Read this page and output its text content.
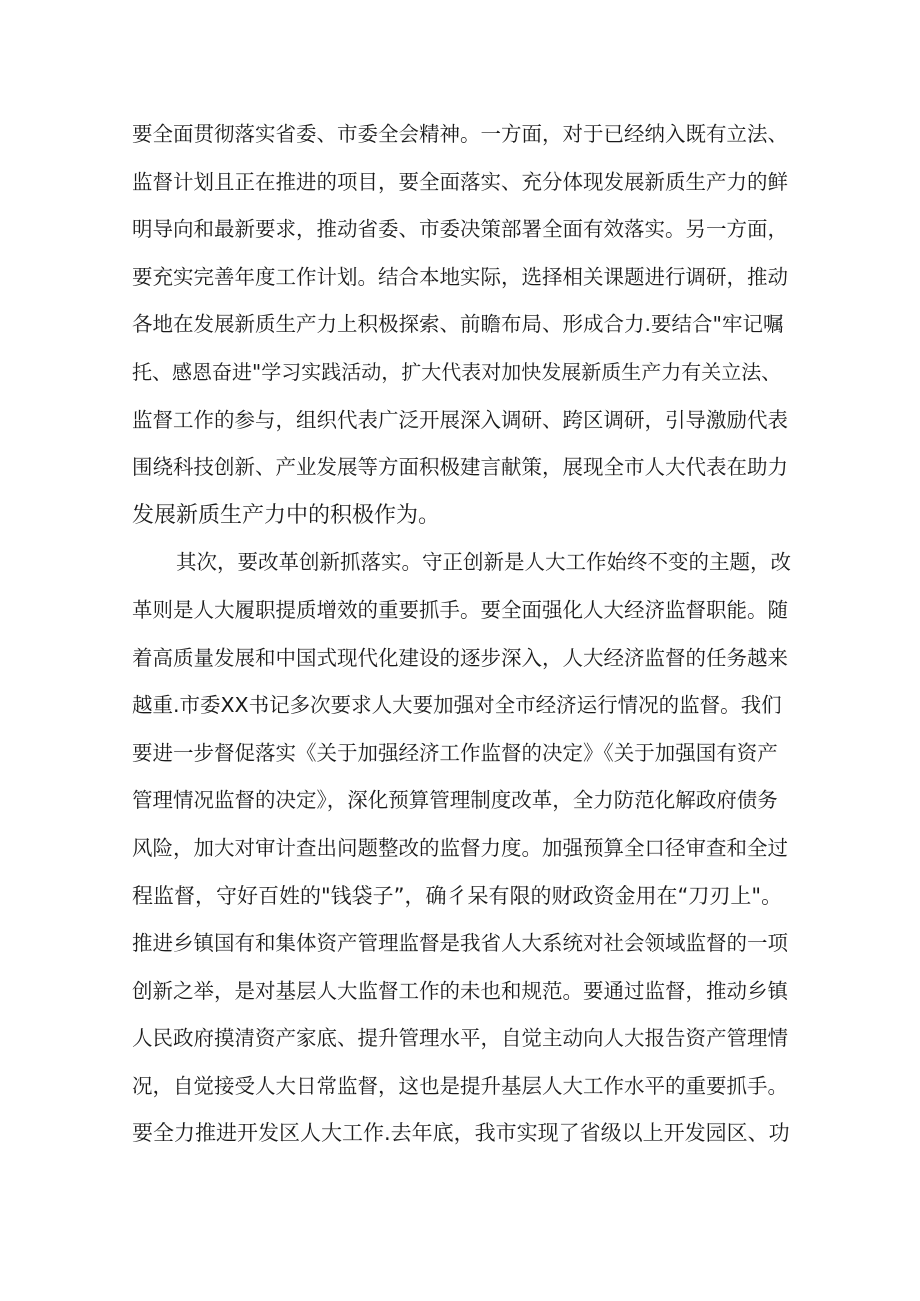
要全面贯彻落实省委、市委全会精神。一方面，对于已经纳入既有立法、
监督计划且正在推进的项目，要全面落实、充分体现发展新质生产力的鲜
明导向和最新要求，推动省委、市委决策部署全面有效落实。另一方面，
要充实完善年度工作计划。结合本地实际，选择相关课题进行调研，推动
各地在发展新质生产力上积极探索、前瞻布局、形成合力.要结合"牢记嘱
托、感恩奋进"学习实践活动，扩大代表对加快发展新质生产力有关立法、
监督工作的参与，组织代表广泛开展深入调研、跨区调研，引导激励代表
围绕科技创新、产业发展等方面积极建言献策，展现全市人大代表在助力
发展新质生产力中的积极作为。
其次，要改革创新抓落实。守正创新是人大工作始终不变的主题，改
革则是人大履职提质增效的重要抓手。要全面强化人大经济监督职能。随
着高质量发展和中国式现代化建设的逐步深入，人大经济监督的任务越来
越重.市委XX书记多次要求人大要加强对全市经济运行情况的监督。我们
要进一步督促落实《关于加强经济工作监督的决定》《关于加强国有资产
管理情况监督的决定》，深化预算管理制度改革，全力防范化解政府债务
风险，加大对审计查出问题整改的监督力度。加强预算全口径审查和全过
程监督，守好百姓的"钱袋子”，确彳呆有限的财政资金用在“刀刃上"。
推进乡镇国有和集体资产管理监督是我省人大系统对社会领域监督的一项
创新之举，是对基层人大监督工作的未也和规范。要通过监督，推动乡镇
人民政府摸清资产家底、提升管理水平，自觉主动向人大报告资产管理情
况，自觉接受人大日常监督，这也是提升基层人大工作水平的重要抓手。
要全力推进开发区人大工作.去年底，我市实现了省级以上开发园区、功
